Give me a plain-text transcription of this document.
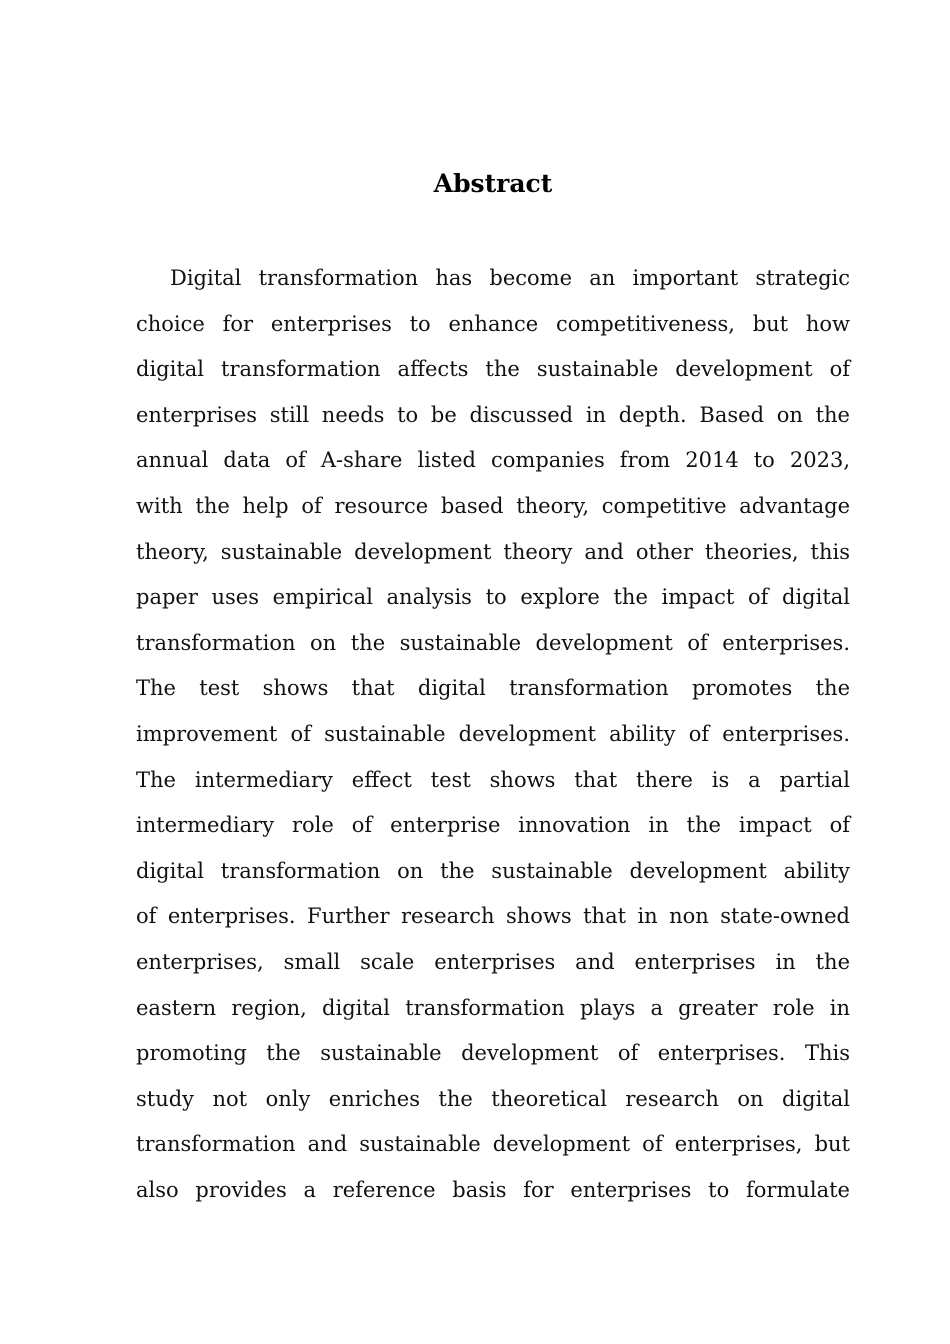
Abstract
Digital transformation has become an important strategic
choice for enterprises to enhance competitiveness, but how
digital transformation affects the sustainable development of
enterprises still needs to be discussed in depth. Based on the
annual data of A-share listed companies from 2014 to 2023,
with the help of resource based theory, competitive advantage
theory, sustainable development theory and other theories, this
paper uses empirical analysis to explore the impact of digital
transformation on the sustainable development of enterprises.
The test shows that digital transformation promotes the
improvement of sustainable development ability of enterprises.
The intermediary effect test shows that there is a partial
intermediary role of enterprise innovation in the impact of
digital transformation on the sustainable development ability
of enterprises. Further research shows that in non state-owned
enterprises, small scale enterprises and enterprises in the
eastern region, digital transformation plays a greater role in
promoting the sustainable development of enterprises. This
study not only enriches the theoretical research on digital
transformation and sustainable development of enterprises, but
also provides a reference basis for enterprises to formulate
